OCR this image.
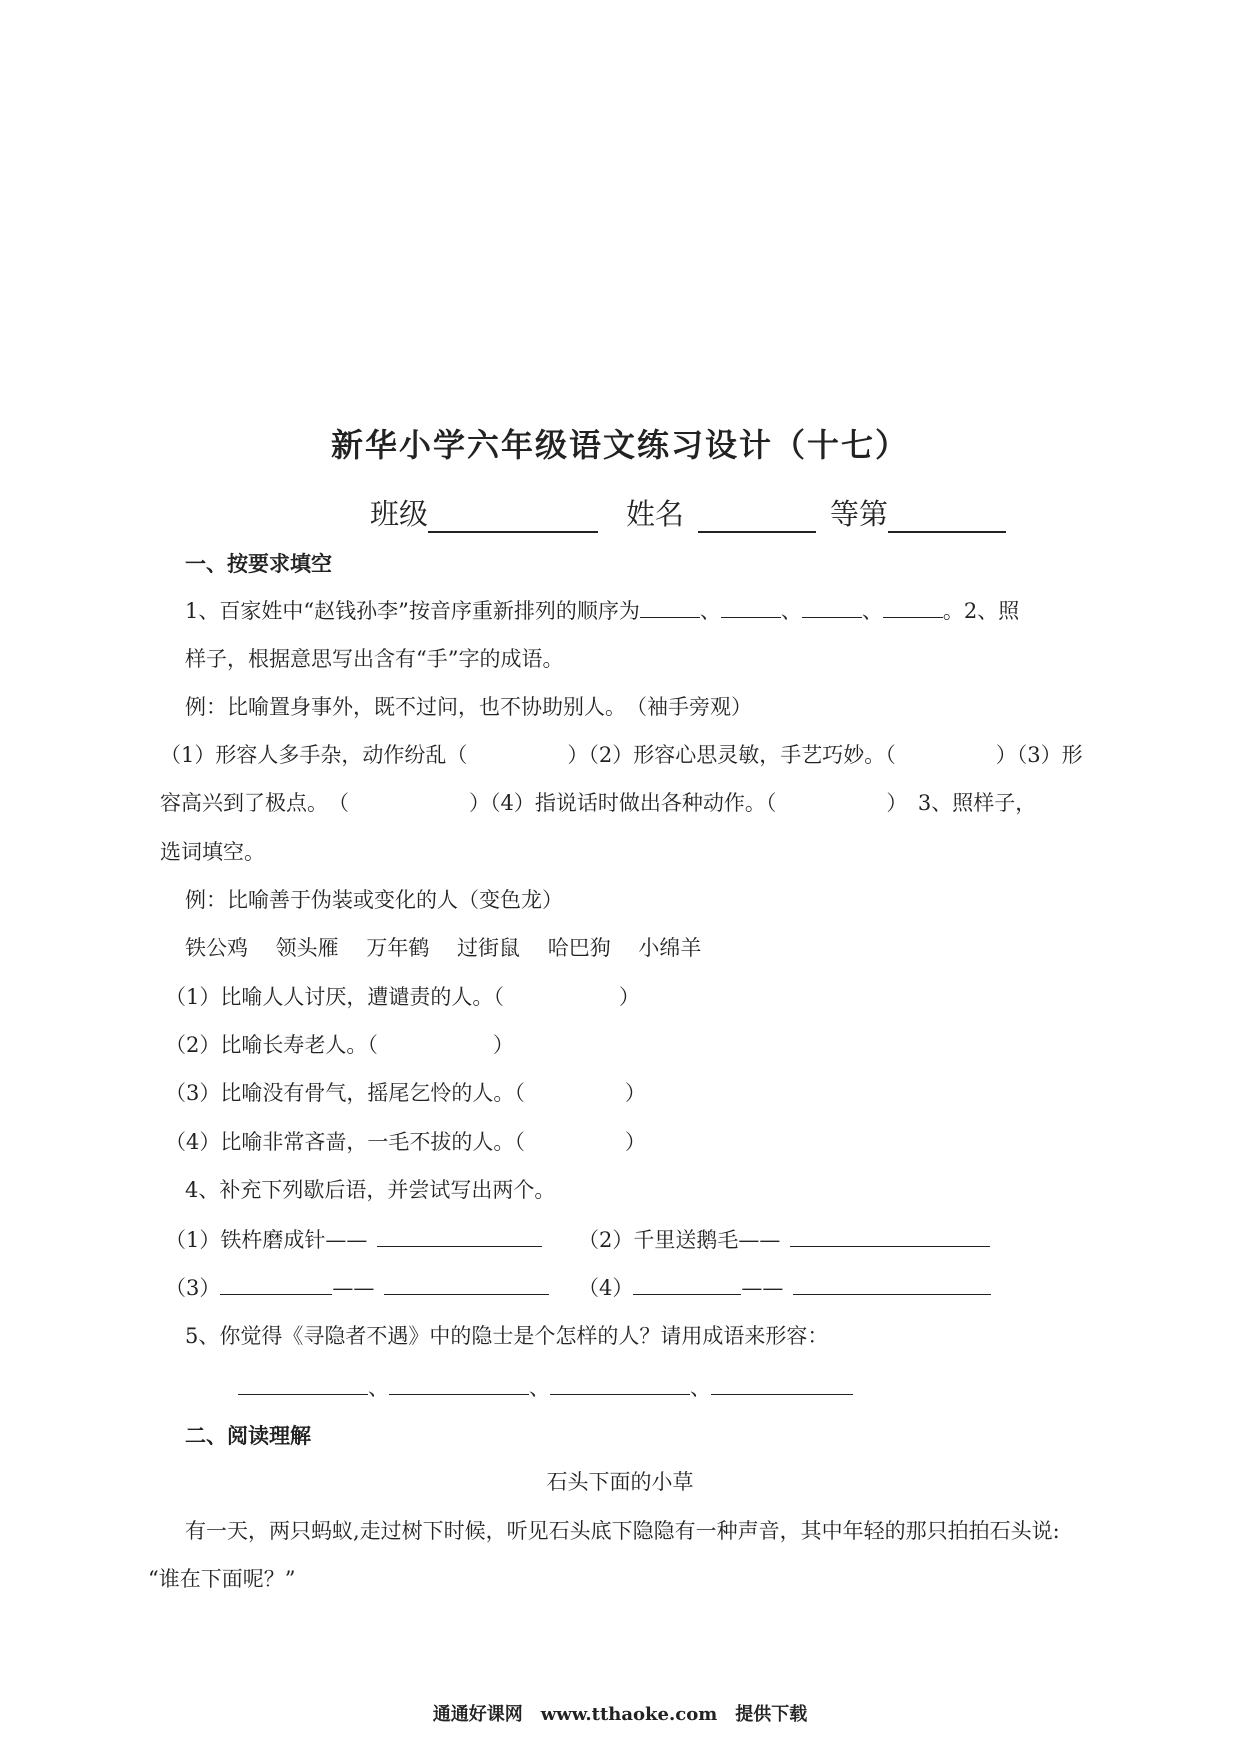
新华小学六年级语文练习设计（十七）
班级	姓名	等第
一、按要求填空
1、百家姓中“赵钱孙李”按音序重新排列的顺序为	、	、	、	。2、照
样子，根据意思写出含有“手”字的成语。
例：比喻置身事外，既不过问，也不协助别人。　（袖手旁观）
（1）形容人多手杂，动作纷乱（	）（2）形容心思灵敏，手艺巧妙。（	）（3）形
容高兴到了极点。　（	）（4）指说话时做出各种动作。（	）　3、照样子，
选词填空。
例：比喻善于伪装或变化的人（变色龙）
铁公鸡　 领头雁　 万年鹤　 过街鼠　 哈巴狗　 小绵羊
（1）比喻人人讨厌，遭谴责的人。（	）
（2）比喻长寿老人。（	）
（3）比喻没有骨气，摇尾乞怜的人。（	）
（4）比喻非常吝啬，一毛不拔的人。（	）
4、补充下列歇后语，并尝试写出两个。
（1）铁杵磨成针——	（2）千里送鹅毛——
（3）	——	（4）	——
5、你觉得《寻隐者不遇》中的隐士是个怎样的人？请用成语来形容：
、	、	、
二、阅读理解
石头下面的小草
有一天，两只蚂蚁,走过树下时候，听见石头底下隐隐有一种声音，其中年轻的那只拍拍石头说:
“谁在下面呢？”
通通好课网　www.tthaoke.com　提供下载
